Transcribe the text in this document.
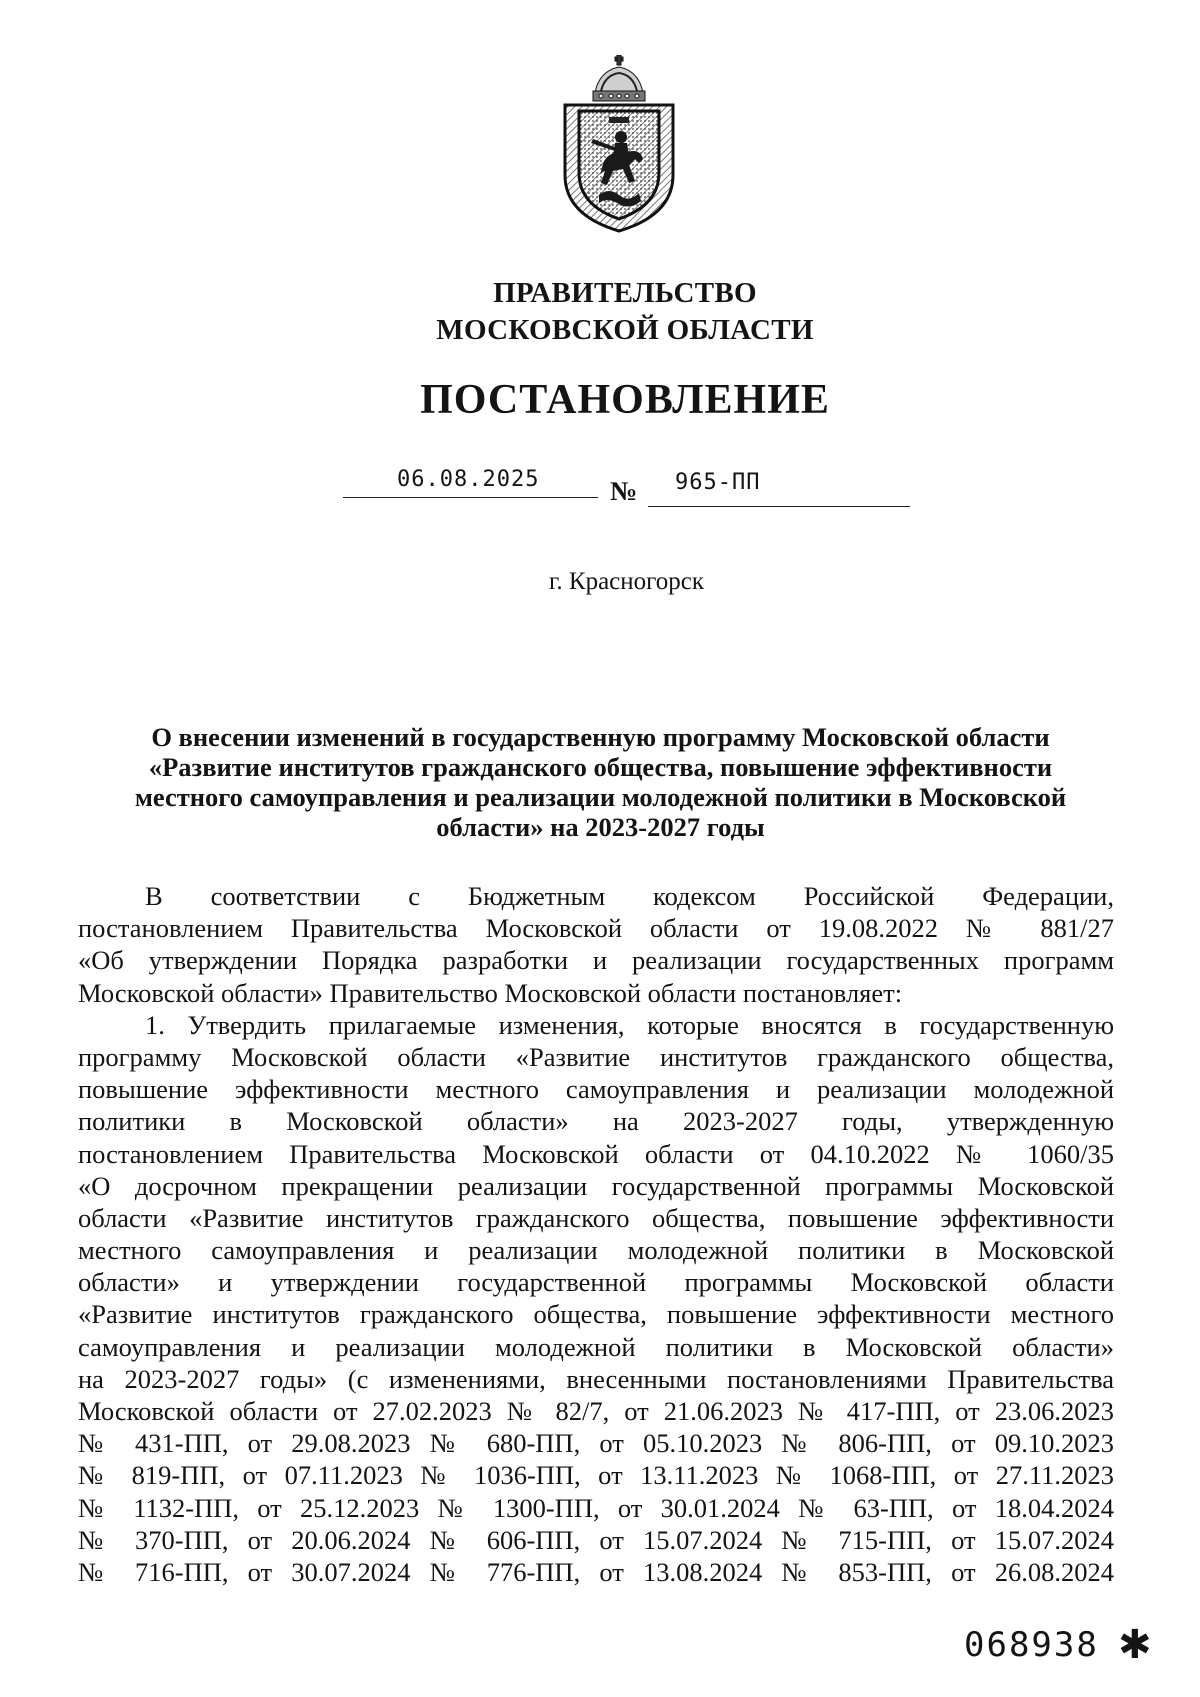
ПРАВИТЕЛЬСТВО
МОСКОВСКОЙ ОБЛАСТИ
ПОСТАНОВЛЕНИЕ
06.08.2025	№ 965-ПП
г. Красногорск
О внесении изменений в государственную программу Московской области
«Развитие институтов гражданского общества, повышение эффективности
местного самоуправления и реализации молодежной политики в Московской
области» на 2023-2027 годы
В соответствии с Бюджетным кодексом Российской Федерации,
постановлением Правительства Московской области от 19.08.2022 № 881/27
«Об утверждении Порядка разработки и реализации государственных программ
Московской области» Правительство Московской области постановляет:
1. Утвердить прилагаемые изменения, которые вносятся в государственную
программу Московской области «Развитие институтов гражданского общества,
повышение эффективности местного самоуправления и реализации молодежной
политики в Московской области» на 2023-2027 годы, утвержденную
постановлением Правительства Московской области от 04.10.2022 № 1060/35
«О досрочном прекращении реализации государственной программы Московской
области «Развитие институтов гражданского общества, повышение эффективности
местного самоуправления и реализации молодежной политики в Московской
области» и утверждении государственной программы Московской области
«Развитие институтов гражданского общества, повышение эффективности местного
самоуправления и реализации молодежной политики в Московской области»
на 2023-2027 годы» (с изменениями, внесенными постановлениями Правительства
Московской области от 27.02.2023 № 82/7, от 21.06.2023 № 417-ПП, от 23.06.2023
№ 431-ПП, от 29.08.2023 № 680-ПП, от 05.10.2023 № 806-ПП, от 09.10.2023
№ 819-ПП, от 07.11.2023 № 1036-ПП, от 13.11.2023 № 1068-ПП, от 27.11.2023
№ 1132-ПП, от 25.12.2023 № 1300-ПП, от 30.01.2024 № 63-ПП, от 18.04.2024
№ 370-ПП, от 20.06.2024 № 606-ПП, от 15.07.2024 № 715-ПП, от 15.07.2024
№ 716-ПП, от 30.07.2024 № 776-ПП, от 13.08.2024 № 853-ПП, от 26.08.2024
068938 ✱
